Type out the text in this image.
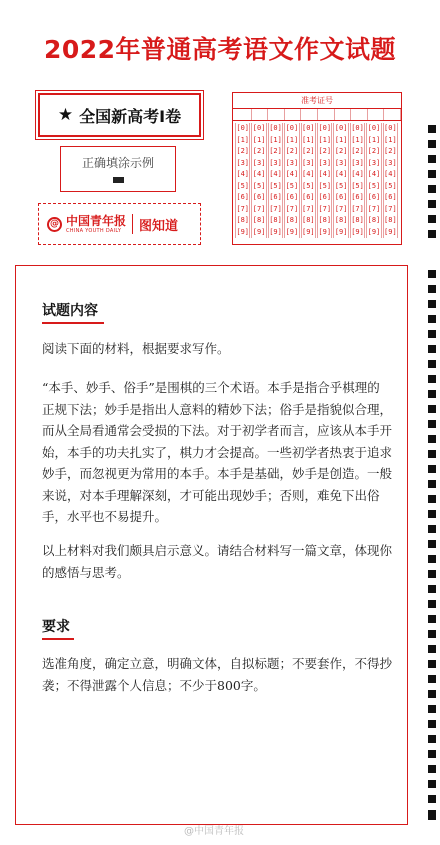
2022年普通高考语文作文试题
★ 全国新高考Ⅰ卷
正确填涂示例
@ 中国青年报
CHINA YOUTH DAILY	图知道
准考证号
[0]
[1]
[2]
[3]
[4]
[5]
[6]
[7]
[8]
[9]
[0]
[1]
[2]
[3]
[4]
[5]
[6]
[7]
[8]
[9]
[0]
[1]
[2]
[3]
[4]
[5]
[6]
[7]
[8]
[9]
[0]
[1]
[2]
[3]
[4]
[5]
[6]
[7]
[8]
[9]
[0]
[1]
[2]
[3]
[4]
[5]
[6]
[7]
[8]
[9]
[0]
[1]
[2]
[3]
[4]
[5]
[6]
[7]
[8]
[9]
[0]
[1]
[2]
[3]
[4]
[5]
[6]
[7]
[8]
[9]
[0]
[1]
[2]
[3]
[4]
[5]
[6]
[7]
[8]
[9]
[0]
[1]
[2]
[3]
[4]
[5]
[6]
[7]
[8]
[9]
[0]
[1]
[2]
[3]
[4]
[5]
[6]
[7]
[8]
[9]
试题内容
阅读下面的材料，根据要求写作。
“本手、妙手、俗手”是围棋的三个术语。本手是指合乎棋理的正规下法；妙手是指出人意料的精妙下法；俗手是指貌似合理，而从全局看通常会受损的下法。对于初学者而言，应该从本手开始，本手的功夫扎实了，棋力才会提高。一些初学者热衷于追求妙手，而忽视更为常用的本手。本手是基础，妙手是创造。一般来说，对本手理解深刻，才可能出现妙手；否则，难免下出俗手，水平也不易提升。
以上材料对我们颇具启示意义。请结合材料写一篇文章，体现你的感悟与思考。
要求
选准角度，确定立意，明确文体，自拟标题；不要套作，不得抄袭；不得泄露个人信息；不少于800字。
@中国青年报
